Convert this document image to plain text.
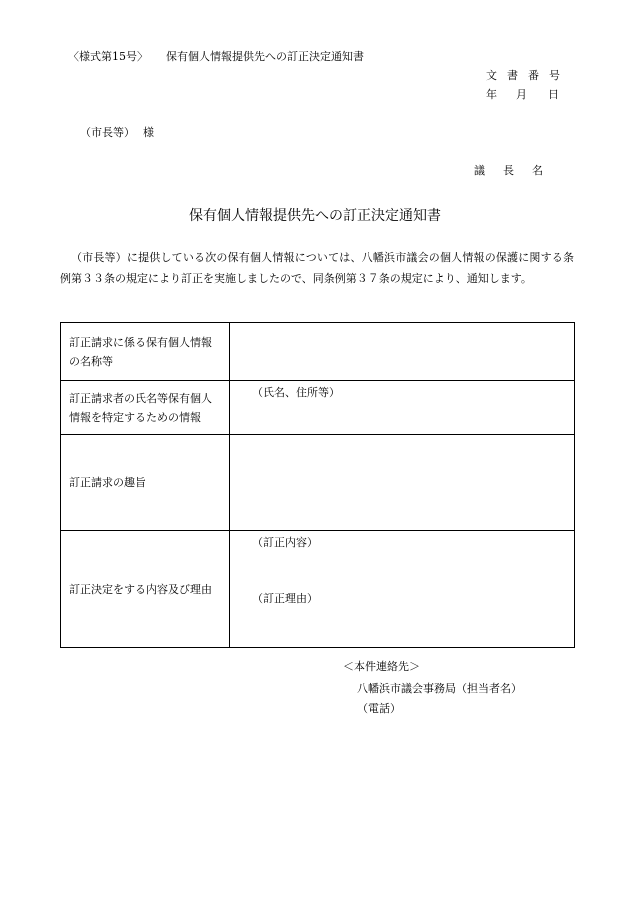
〈様式第15号〉 保有個人情報提供先への訂正決定通知書
文書番号
年 月 日
（市長等） 様
議長名
保有個人情報提供先への訂正決定通知書
（市長等）に提供している次の保有個人情報については、八幡浜市議会の個人情報の保護に関する条例第３３条の規定により訂正を実施しましたので、同条例第３７条の規定により、通知します。
訂正請求に係る保有個人情報の名称等	

訂正請求者の氏名等保有個人情報を特定するための情報	（氏名、住所等）

訂正請求の趣旨	

訂正決定をする内容及び理由	（訂正内容）
（訂正理由）
＜本件連絡先＞
八幡浜市議会事務局（担当者名）
（電話）
